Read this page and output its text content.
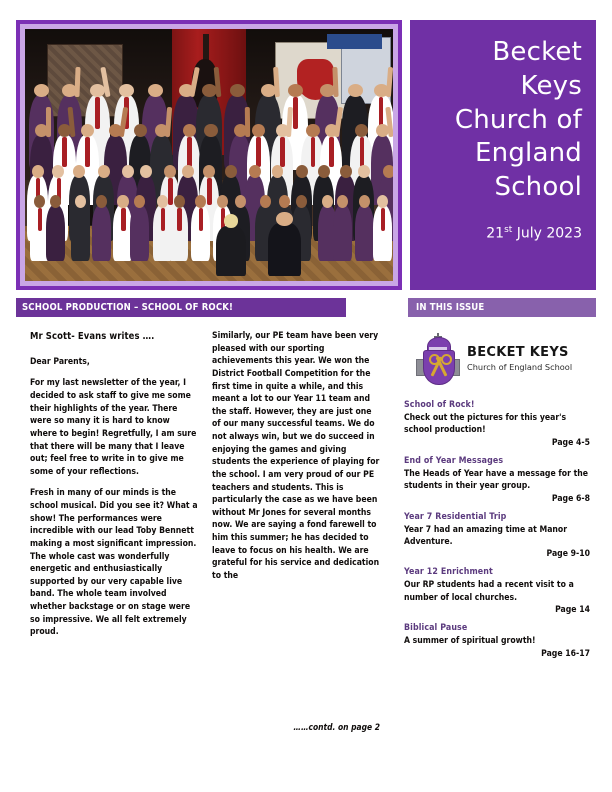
Becket
Keys
Church of
England
School
21st July 2023
SCHOOL PRODUCTION – SCHOOL OF ROCK!	IN THIS ISSUE
Mr Scott- Evans writes ….

Dear Parents,

For my last newsletter of the year, I decided to ask staff to give me some their highlights of the year. There were so many it is hard to know where to begin! Regretfully, I am sure that there will be many that I leave out; feel free to write in to give me some of your reflections.

Fresh in many of our minds is the school musical. Did you see it? What a show! The performances were incredible with our lead Toby Bennett making a most significant impression. The whole cast was wonderfully energetic and enthusiastically supported by our very capable live band. The whole team involved whether backstage or on stage were so impressive. We all felt extremely proud.

Similarly, our PE team have been very pleased with our sporting achievements this year. We won the District Football Competition for the first time in quite a while, and this meant a lot to our Year 11 team and the staff. However, they are just one of our many successful teams. We do not always win, but we do succeed in enjoying the games and giving students the experience of playing for the school. I am very proud of our PE teachers and students. This is particularly the case as we have been without Mr Jones for several months now. We are saying a fond farewell to him this summer; he has decided to leave to focus on his health. We are grateful for his service and dedication to the

……contd. on page 2
BECKET KEYS
Church of England School
School of Rock!
Check out the pictures for this year's school production!
Page 4-5
End of Year Messages
The Heads of Year have a message for the students in their year group.
Page 6-8
Year 7 Residential Trip
Year 7 had an amazing time at Manor Adventure.
Page 9-10
Year 12 Enrichment
Our RP students had a recent visit to a number of local churches.
Page 14
Biblical Pause
A summer of spiritual growth!
Page 16-17
